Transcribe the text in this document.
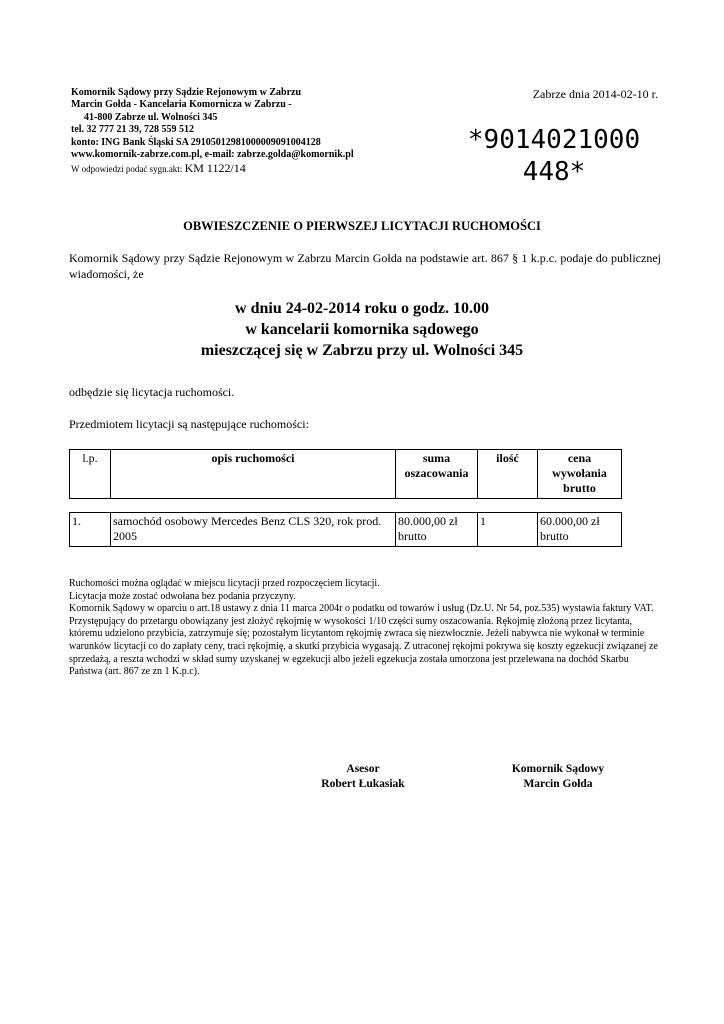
Komornik Sądowy przy Sądzie Rejonowym w Zabrzu
Marcin Gołda - Kancelaria Komornicza w Zabrzu -
41-800 Zabrze ul. Wolności 345
tel. 32 777 21 39, 728 559 512
konto: ING Bank Śląski SA 29105012981000009091004128
www.komornik-zabrze.com.pl, e-mail: zabrze.golda@komornik.pl
W odpowiedzi podać sygn.akt: KM 1122/14
Zabrze dnia 2014-02-10 r.
*9014021000
448*
OBWIESZCZENIE O PIERWSZEJ LICYTACJI RUCHOMOŚCI
Komornik Sądowy przy Sądzie Rejonowym w Zabrzu Marcin Gołda na podstawie art. 867 § 1 k.p.c. podaje do publicznej wiadomości, że
w dniu 24-02-2014 roku o godz. 10.00
w kancelarii komornika sądowego
mieszczącej się w Zabrzu przy ul. Wolności 345
odbędzie się licytacja ruchomości.
Przedmiotem licytacji są następujące ruchomości:
l.p.	opis ruchomości	suma oszacowania	ilość	cena wywołania brutto
1.	samochód osobowy Mercedes Benz CLS 320, rok prod. 2005	80.000,00 zł brutto	1	60.000,00 zł brutto

Ruchomości można oglądać w miejscu licytacji przed rozpoczęciem licytacji.

Licytacja może zostać odwołana bez podania przyczyny.

Komornik Sądowy w oparciu o art.18 ustawy z dnia 11 marca 2004r o podatku od towarów i usług (Dz.U. Nr 54, poz.535) wystawia faktury VAT.

Przystępujący do przetargu obowiązany jest złożyć rękojmię w wysokości 1/10 części sumy oszacowania. Rękojmię złożoną przez licytanta, któremu udzielono przybicia, zatrzymuje się; pozostałym licytantom rękojmię zwraca się niezwłocznie. Jeżeli nabywca nie wykonał w terminie warunków licytacji co do zapłaty ceny, traci rękojmię, a skutki przybicia wygasają. Z utraconej rękojmi pokrywa się koszty egzekucji związanej ze sprzedażą, a reszta wchodzi w skład sumy uzyskanej w egzekucji albo jeżeli egzekucja została umorzona jest przelewana na dochód Skarbu Państwa (art. 867 ze zn 1 K.p.c).

Asesor
Robert Łukasiak
Komornik Sądowy
Marcin Gołda
